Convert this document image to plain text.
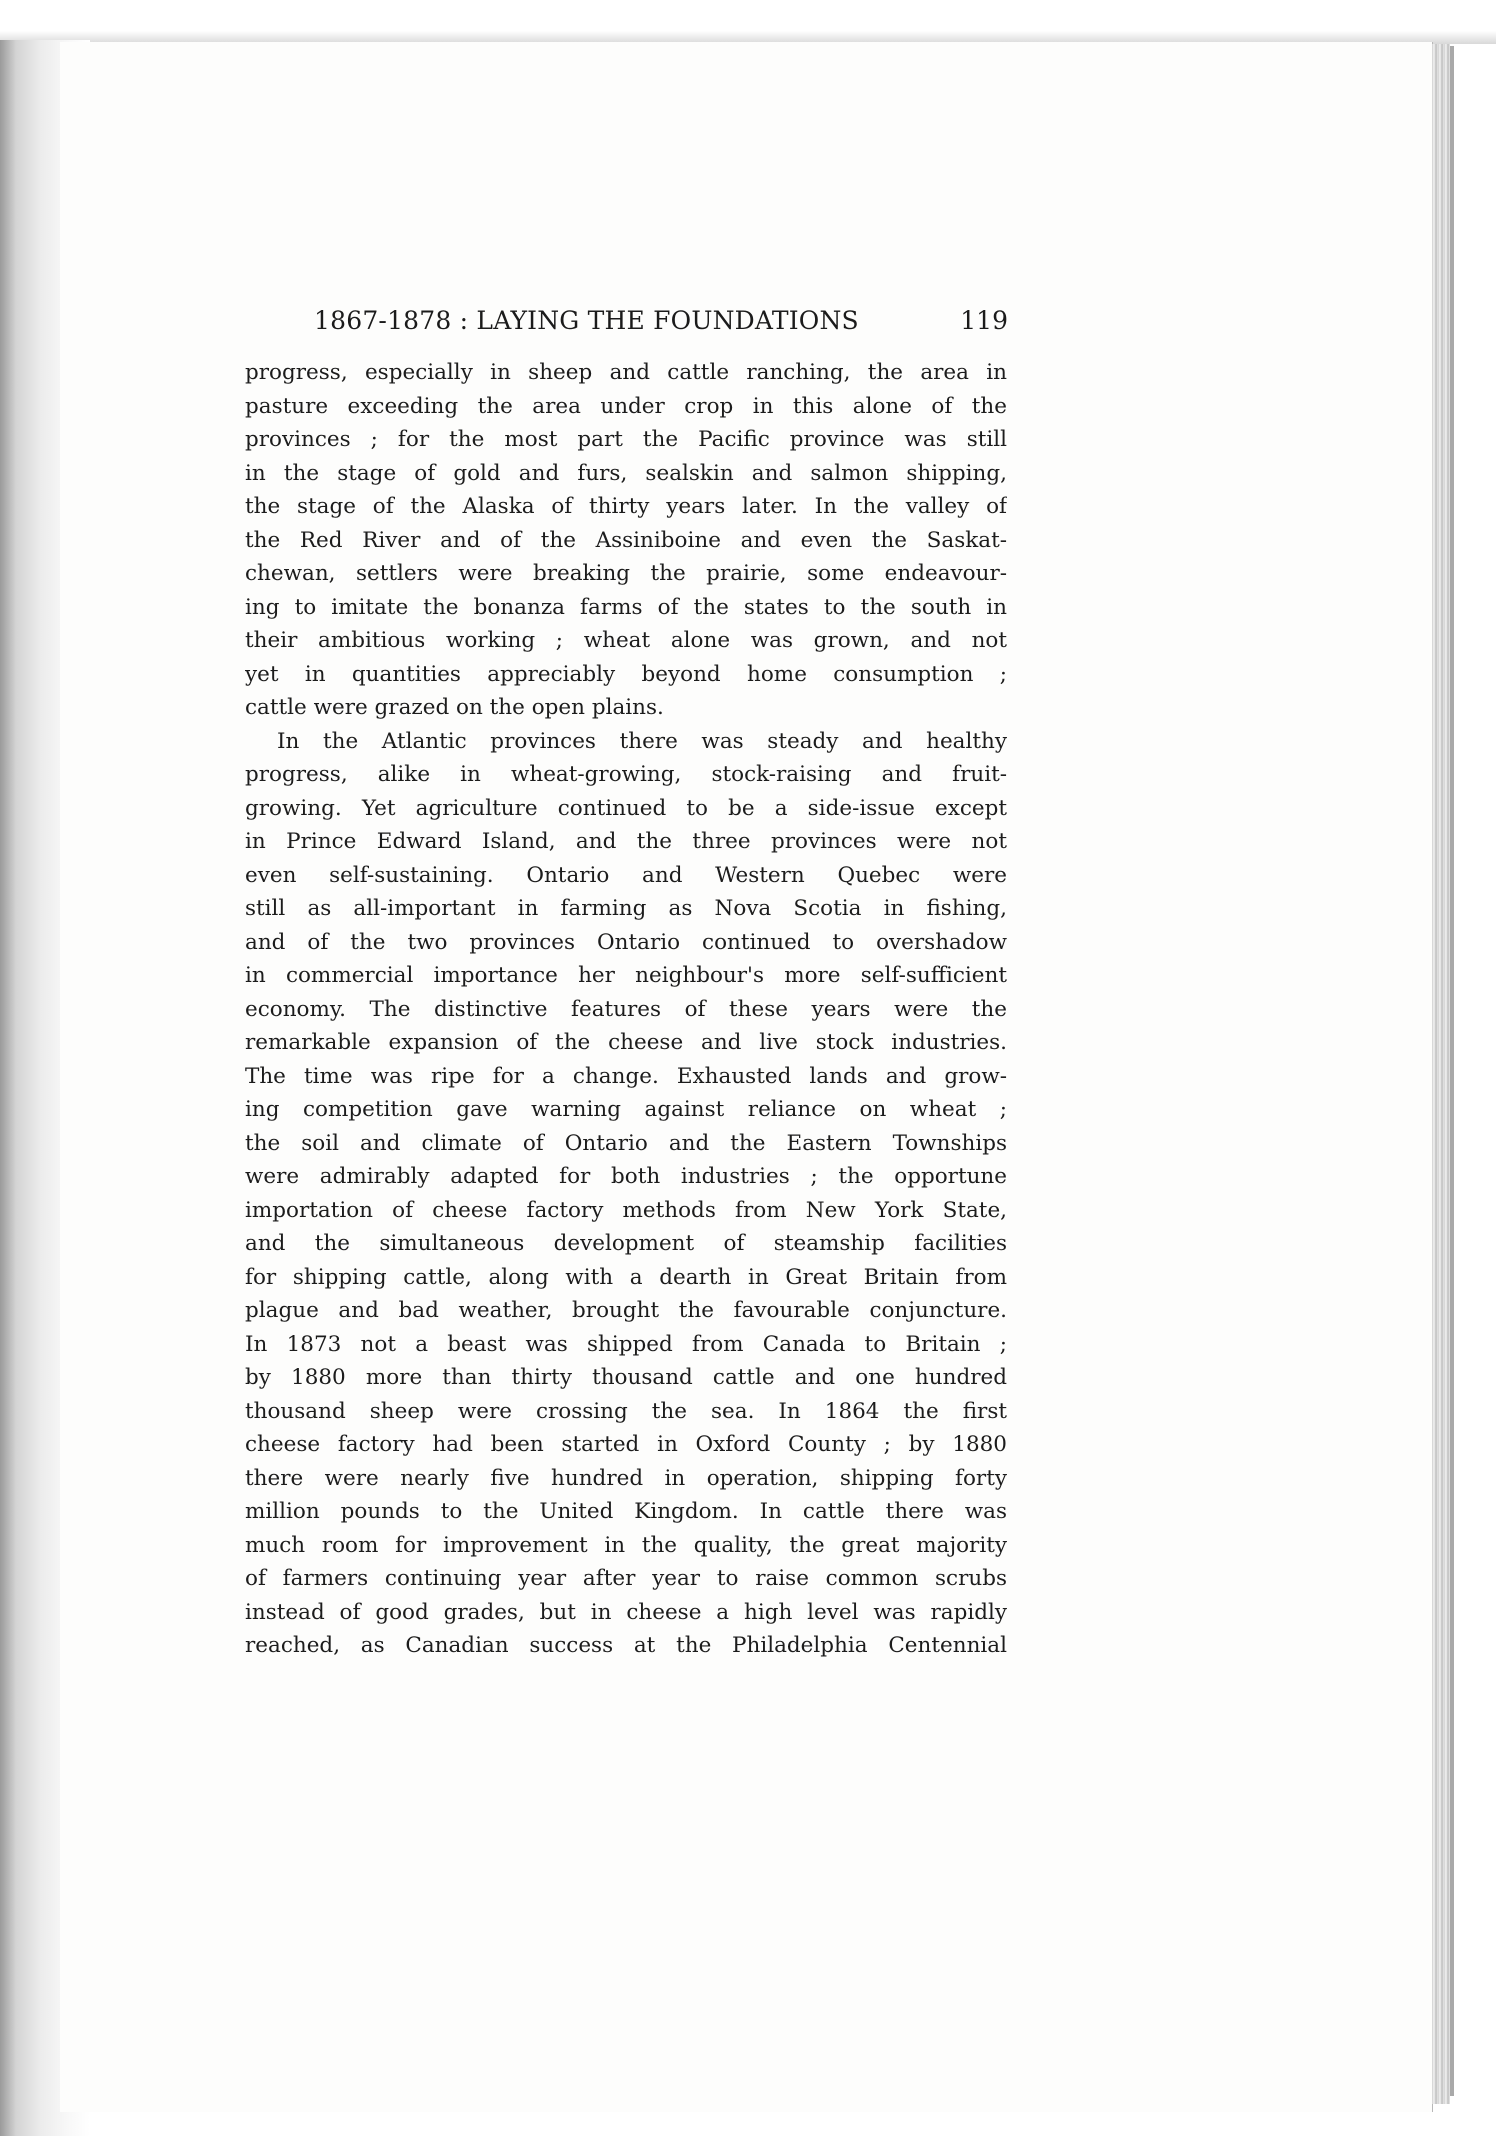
1867-1878 : LAYING THE FOUNDATIONS	119
progress, especially in sheep and cattle ranching, the area in
pasture exceeding the area under crop in this alone of the
provinces ; for the most part the Pacific province was still
in the stage of gold and furs, sealskin and salmon shipping,
the stage of the Alaska of thirty years later. In the valley of
the Red River and of the Assiniboine and even the Saskat-
chewan, settlers were breaking the prairie, some endeavour-
ing to imitate the bonanza farms of the states to the south in
their ambitious working ; wheat alone was grown, and not
yet in quantities appreciably beyond home consumption ;
cattle were grazed on the open plains.
In the Atlantic provinces there was steady and healthy
progress, alike in wheat-growing, stock-raising and fruit-
growing. Yet agriculture continued to be a side-issue except
in Prince Edward Island, and the three provinces were not
even self-sustaining. Ontario and Western Quebec were
still as all-important in farming as Nova Scotia in fishing,
and of the two provinces Ontario continued to overshadow
in commercial importance her neighbour's more self-sufficient
economy. The distinctive features of these years were the
remarkable expansion of the cheese and live stock industries.
The time was ripe for a change. Exhausted lands and grow-
ing competition gave warning against reliance on wheat ;
the soil and climate of Ontario and the Eastern Townships
were admirably adapted for both industries ; the opportune
importation of cheese factory methods from New York State,
and the simultaneous development of steamship facilities
for shipping cattle, along with a dearth in Great Britain from
plague and bad weather, brought the favourable conjuncture.
In 1873 not a beast was shipped from Canada to Britain ;
by 1880 more than thirty thousand cattle and one hundred
thousand sheep were crossing the sea. In 1864 the first
cheese factory had been started in Oxford County ; by 1880
there were nearly five hundred in operation, shipping forty
million pounds to the United Kingdom. In cattle there was
much room for improvement in the quality, the great majority
of farmers continuing year after year to raise common scrubs
instead of good grades, but in cheese a high level was rapidly
reached, as Canadian success at the Philadelphia Centennial
